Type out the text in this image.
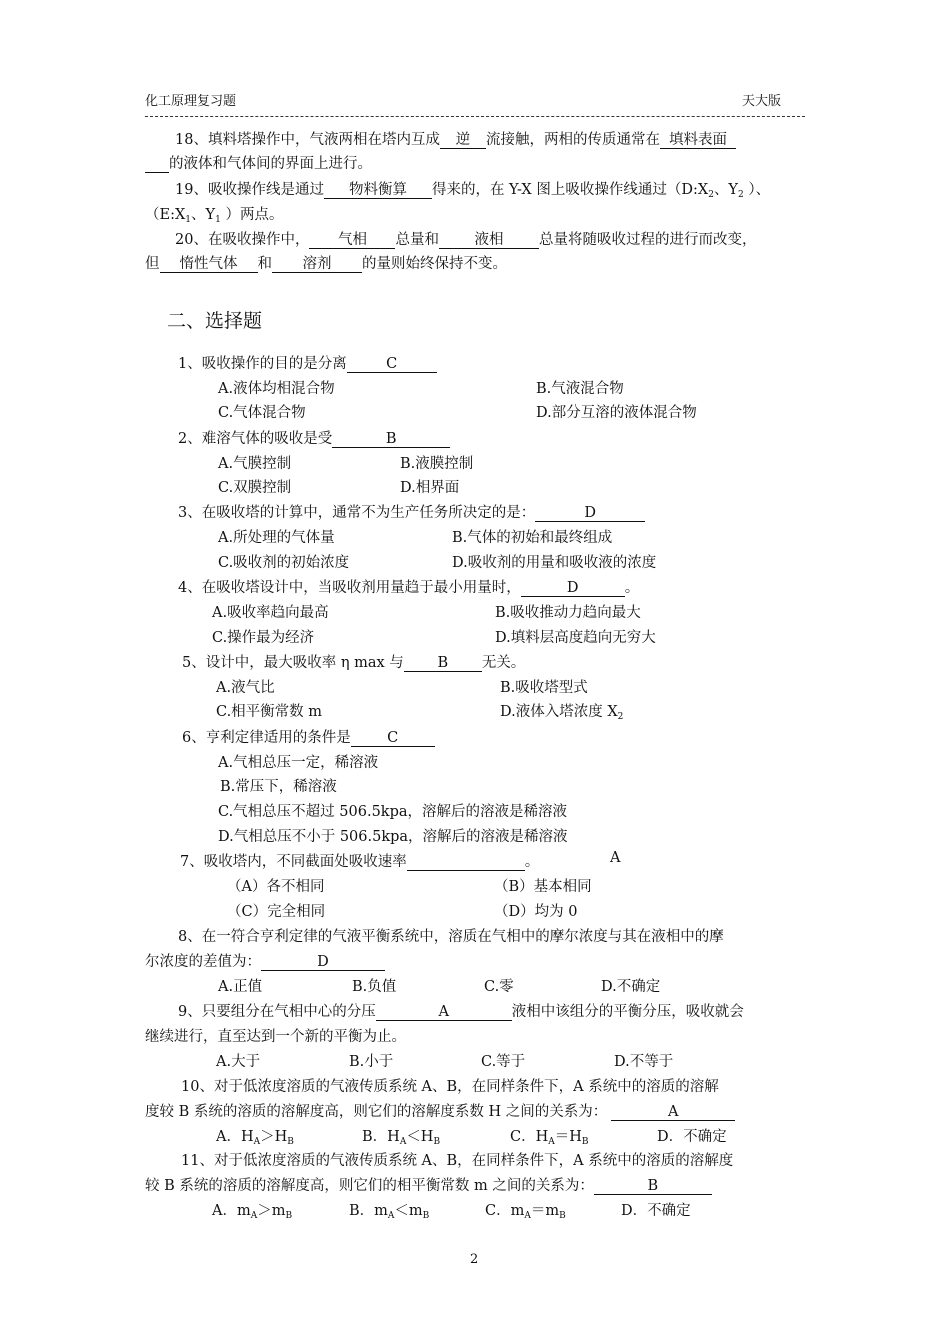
化工原理复习题	天大版
18、填料塔操作中，气液两相在塔内互成 逆 流接触，两相的传质通常在 填料表面
的液体和气体间的界面上进行。
19、吸收操作线是通过 物料衡算 得来的，在 Y-X 图上吸收操作线通过（$D:X_2$、$Y_2$ ）、
（$E:X_1$、$Y_1$ ）两点。
20、在吸收操作中， 气相 总量和 液相 总量将随吸收过程的进行而改变，
但 惰性气体 和 溶剂 的量则始终保持不变。
二、选择题
1、吸收操作的目的是分离	C
A.液体均相混合物	B.气液混合物
C.气体混合物	D.部分互溶的液体混合物
2、难溶气体的吸收是受	B
A.气膜控制	B.液膜控制
C.双膜控制	D.相界面
3、在吸收塔的计算中，通常不为生产任务所决定的是：	D
A.所处理的气体量	B.气体的初始和最终组成
C.吸收剂的初始浓度	D.吸收剂的用量和吸收液的浓度
4、在吸收塔设计中，当吸收剂用量趋于最小用量时，	D	。
A.吸收率趋向最高	B.吸收推动力趋向最大
C.操作最为经济	D.填料层高度趋向无穷大
5、设计中，最大吸收率 η max 与 B 无关。
A.液气比	B.吸收塔型式
C.相平衡常数 m	D.液体入塔浓度 $X_2$
6、亨利定律适用的条件是	C
A.气相总压一定，稀溶液
B.常压下，稀溶液
C.气相总压不超过 506.5kpa，溶解后的溶液是稀溶液
D.气相总压不小于 506.5kpa，溶解后的溶液是稀溶液
7、吸收塔内，不同截面处吸收速率	。	A
（A）各不相同	（B）基本相同
（C）完全相同	（D）均为 0
8、在一符合亨利定律的气液平衡系统中，溶质在气相中的摩尔浓度与其在液相中的摩
尔浓度的差值为：	D
A.正值	B.负值	C.零	D.不确定
9、只要组分在气相中心的分压	A	液相中该组分的平衡分压，吸收就会
继续进行，直至达到一个新的平衡为止。
A.大于	B.小于	C.等于	D.不等于
10、对于低浓度溶质的气液传质系统 A、B，在同样条件下，A 系统中的溶质的溶解
度较 B 系统的溶质的溶解度高，则它们的溶解度系数 H 之间的关系为：	A
A．$H_A>H_B$	B．$H_A<H_B$	C．$H_A=H_B$	D．不确定
11、对于低浓度溶质的气液传质系统 A、B，在同样条件下，A 系统中的溶质的溶解度
较 B 系统的溶质的溶解度高，则它们的相平衡常数 m 之间的关系为：	B
A．$m_A>m_B$	B．$m_A<m_B$	C．$m_A=m_B$	D．不确定
2
